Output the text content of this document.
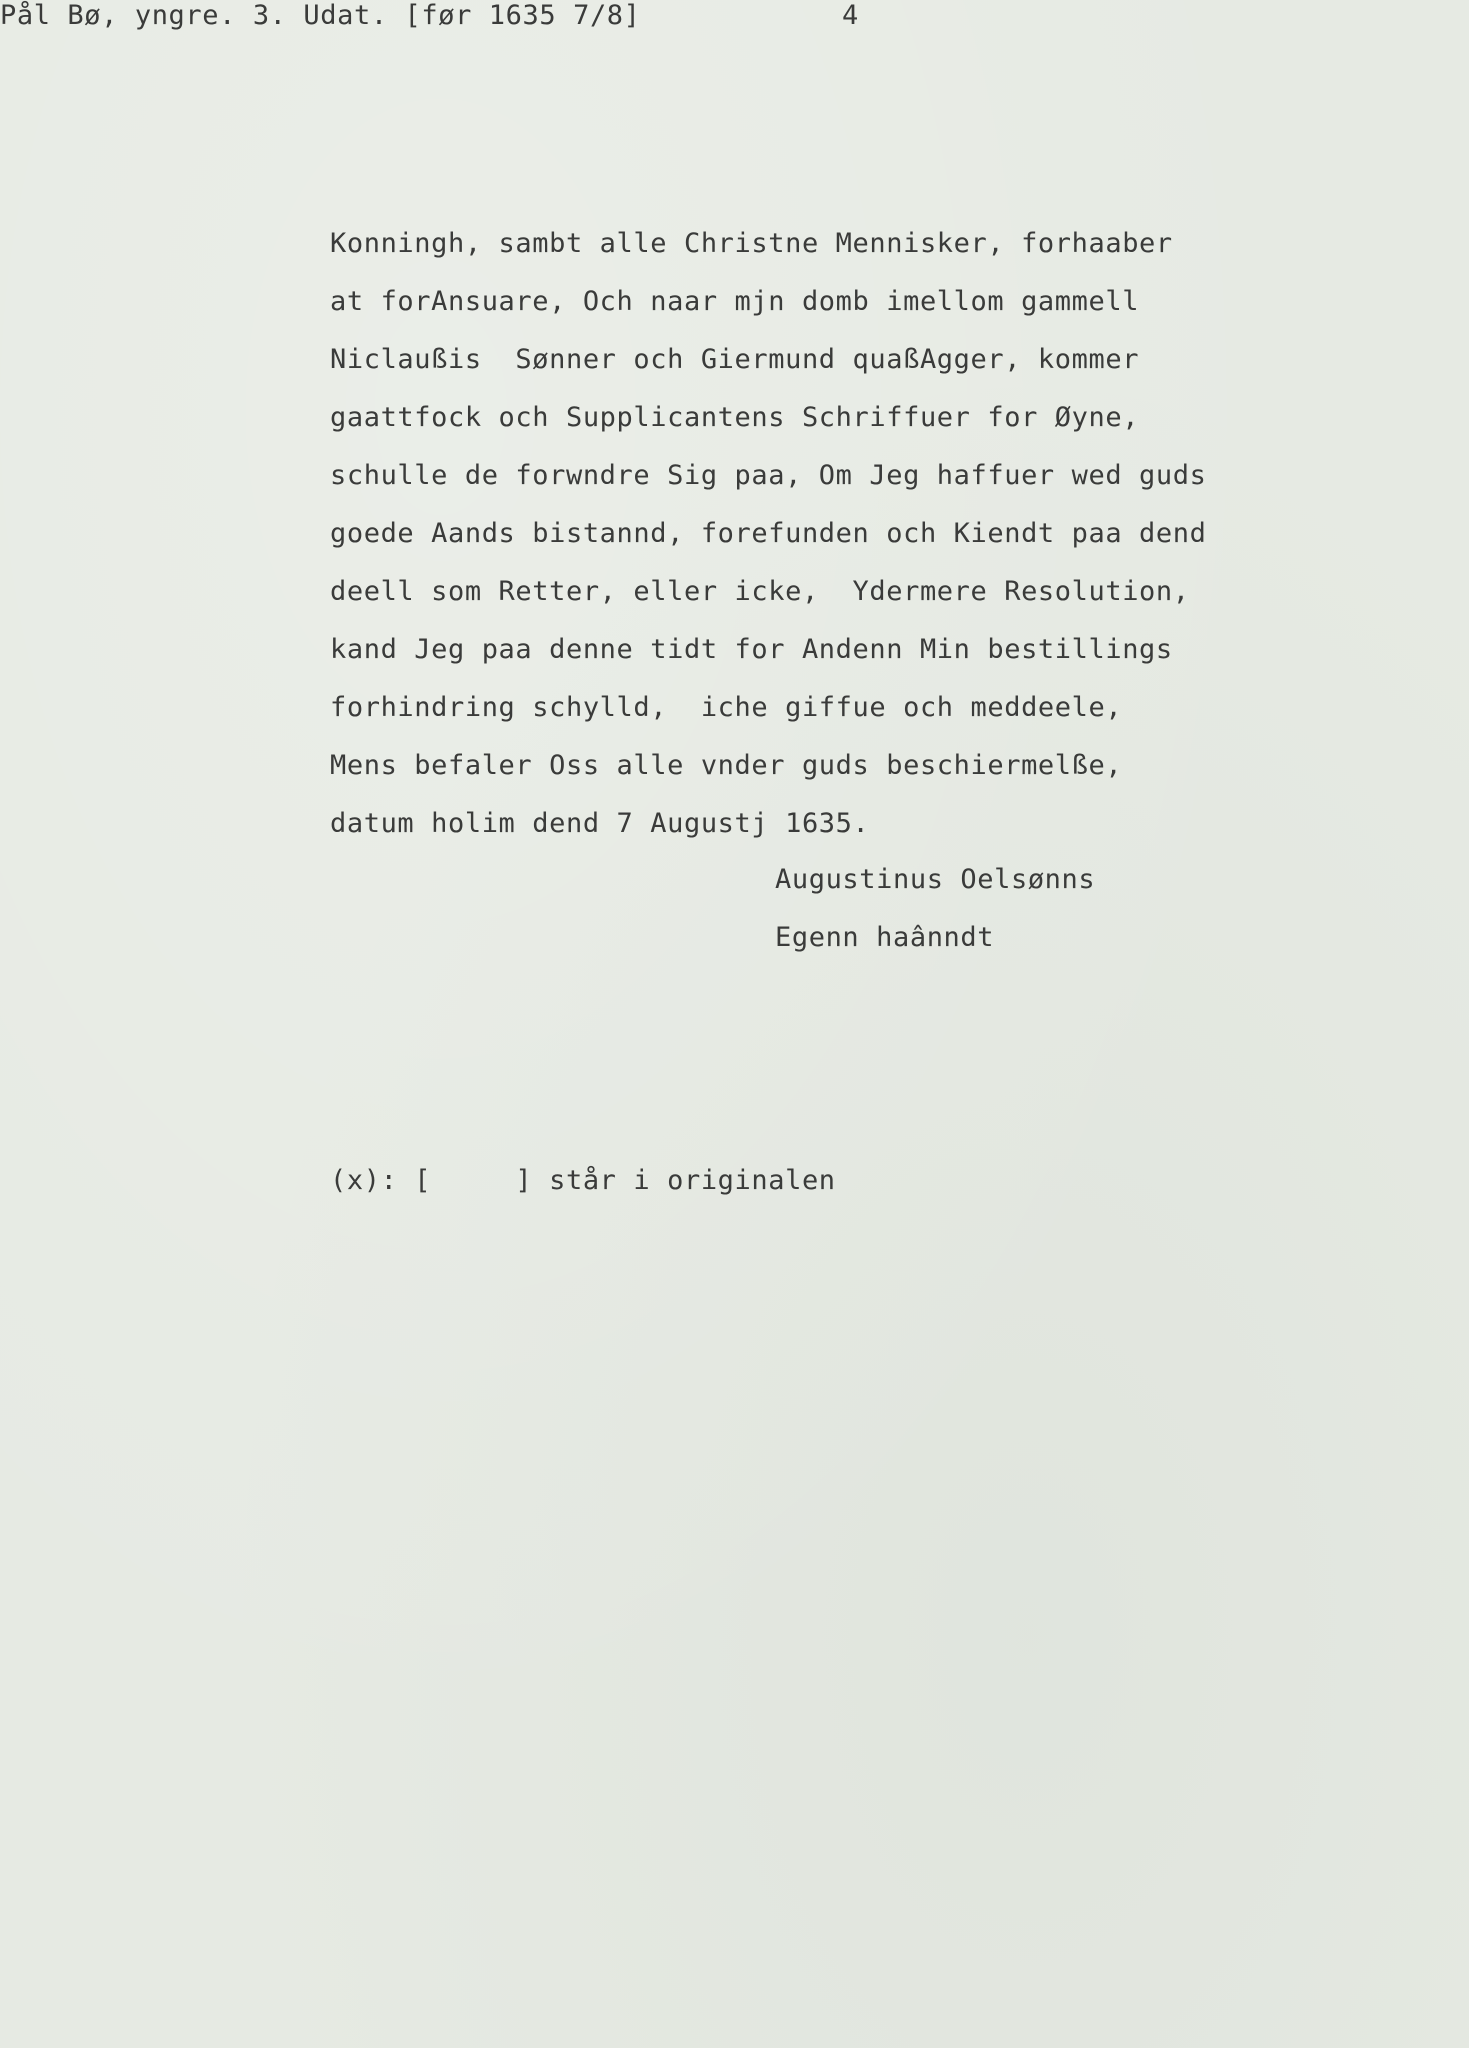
Pål Bø, yngre. 3. Udat. [før 1635 7/8]	4
Konningh, sambt alle Christne Mennisker, forhaaber
at forAnsuare, Och naar mjn domb imellom gammell
Niclaußis  Sønner och Giermund quaßAgger, kommer
gaattfock och Supplicantens Schriffuer for Øyne,
schulle de forwndre Sig paa, Om Jeg haffuer wed guds
goede Aands bistannd, forefunden och Kiendt paa dend
deell som Retter, eller icke,  Ydermere Resolution,
kand Jeg paa denne tidt for Andenn Min bestillings
forhindring schylld,  iche giffue och meddeele,
Mens befaler Oss alle vnder guds beschiermelße,
datum holim dend 7 Augustj 1635.
Augustinus Oelsønns
Egenn haânndt
(x): [     ] står i originalen
